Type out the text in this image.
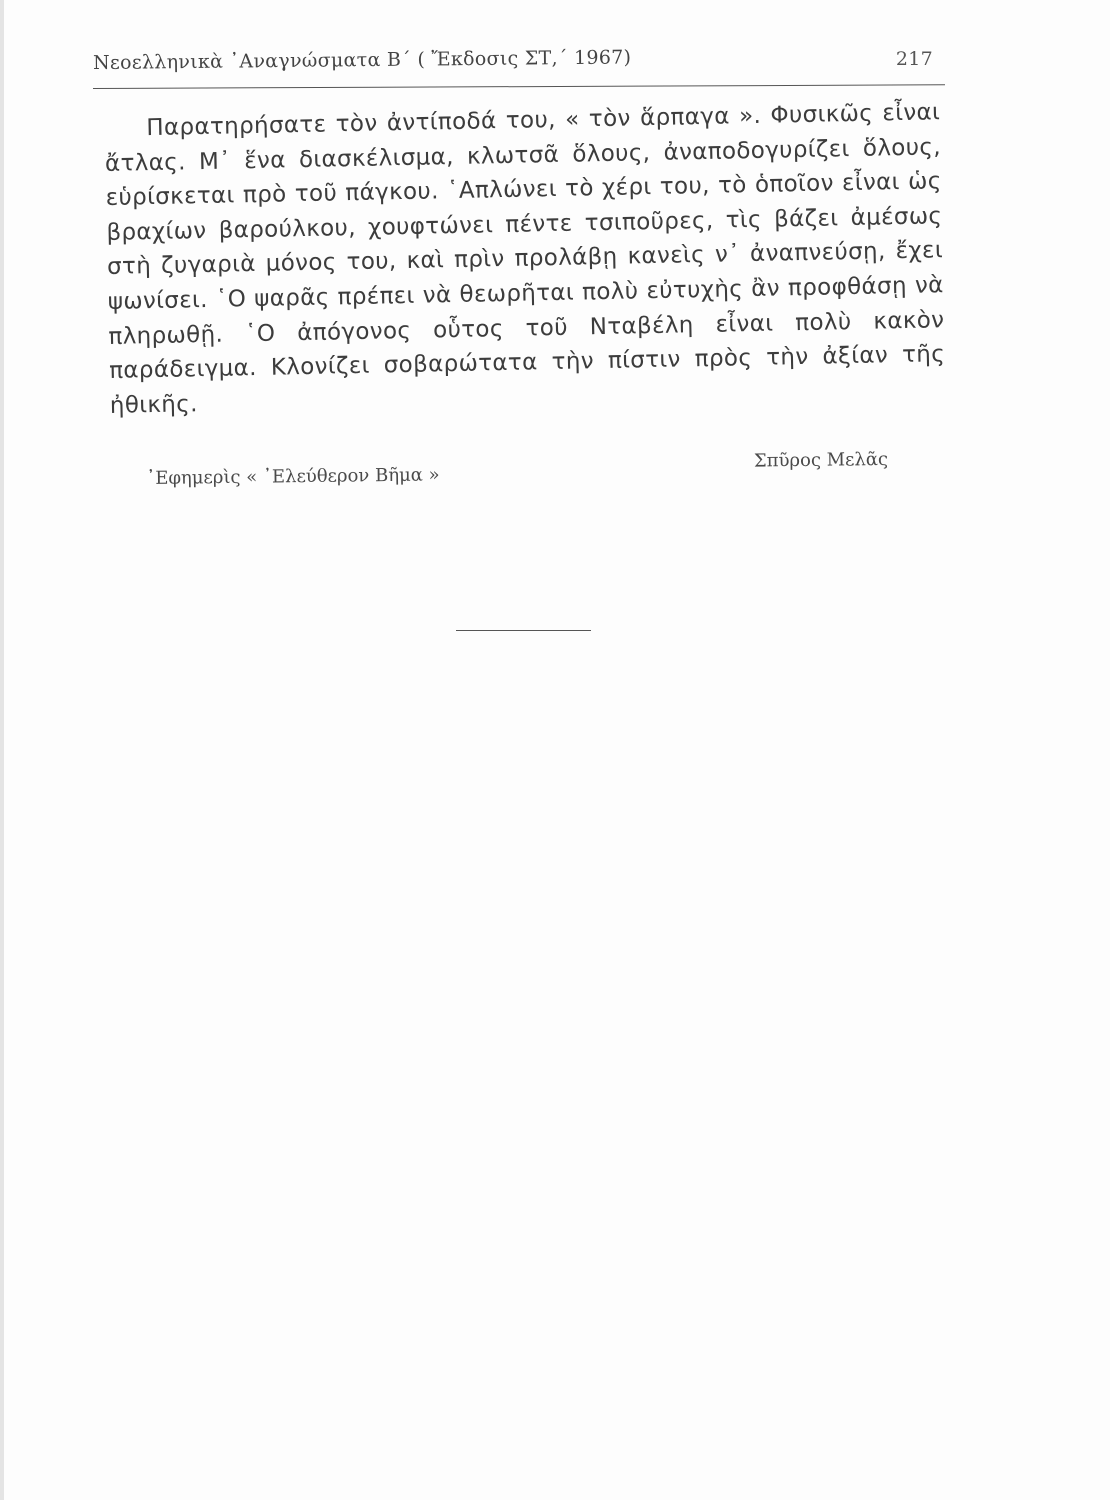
Νεοελληνικὰ ᾽Αναγνώσματα Β΄ ( Ἔκδοσις ΣΤ,΄ 1967)	217
Παρατηρήσατε τὸν ἀντίποδά του, « τὸν ἅρπαγα ». Φυσικῶς εἶναι ἄτλας. Μ᾽ ἕνα διασκέλισμα, κλωτσᾶ ὅλους, ἀναποδογυρίζει ὅλους, εὑρίσκεται πρὸ τοῦ πάγκου. ῾Απλώνει τὸ χέρι του, τὸ ὁποῖον εἶναι ὡς βραχίων βαρούλκου, χουφτώνει πέντε τσιποῦρες, τὶς βάζει ἀμέσως στὴ ζυγαριὰ μόνος του, καὶ πρὶν προλάβῃ κανεὶς ν᾽ ἀναπνεύσῃ, ἔχει ψωνίσει. ῾Ο ψαρᾶς πρέπει νὰ θεωρῆται πολὺ εὐτυχὴς ἂν προφθάσῃ νὰ πληρωθῇ. ῾Ο ἀπόγονος οὗτος τοῦ Νταβέλη εἶναι πολὺ κακὸν παράδειγμα. Κλονίζει σοβαρώτατα τὴν πίστιν πρὸς τὴν ἀξίαν τῆς ἠθικῆς.
᾽Εφημερὶς « ᾽Ελεύθερον Βῆμα »
Σπῦρος Μελᾶς
